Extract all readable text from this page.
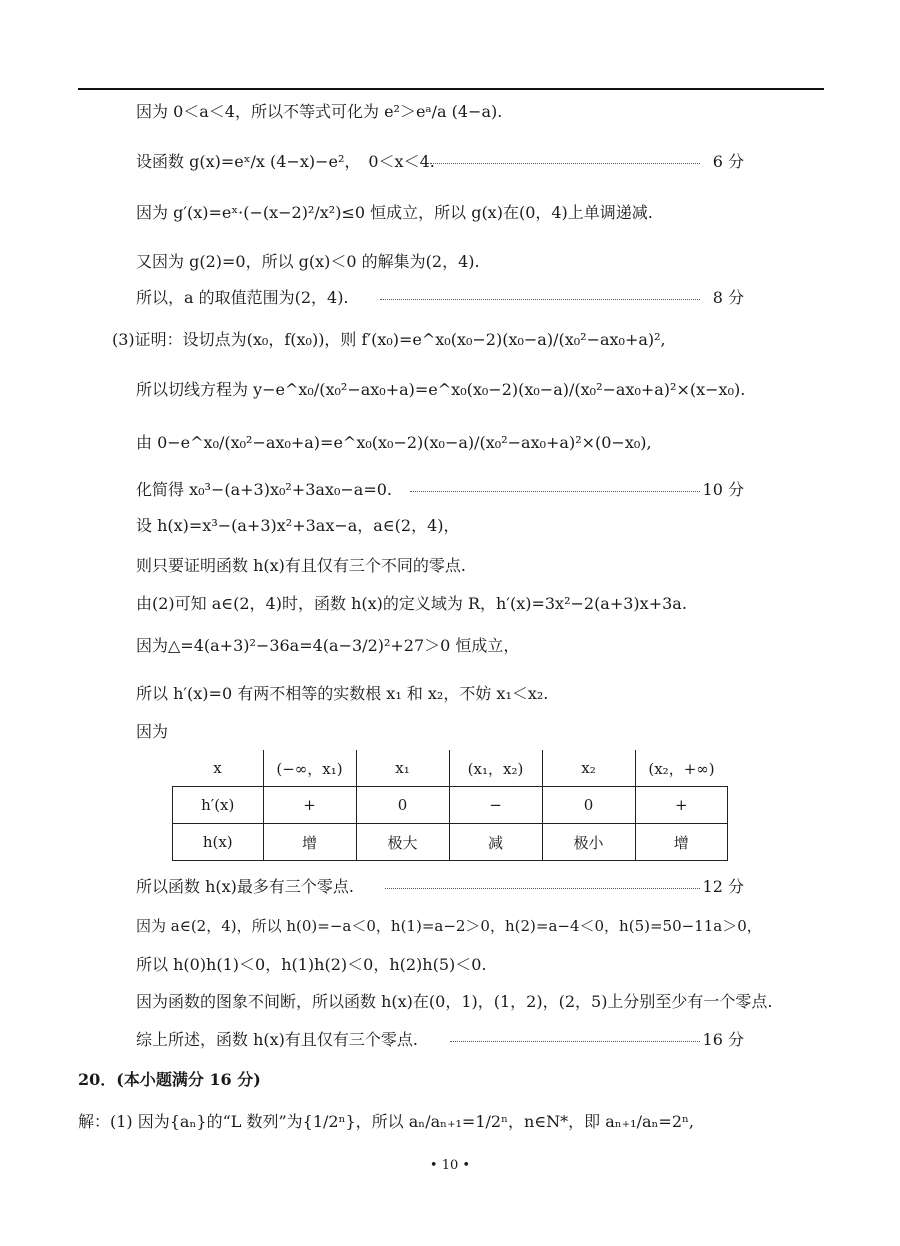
因为 0＜a＜4，所以不等式可化为 e²＞eᵃ/a (4−a).
设函数 g(x)=eˣ/x (4−x)−e²，　0＜x＜4.	6 分
因为 g′(x)=eˣ·(−(x−2)²/x²)≤0 恒成立，所以 g(x)在(0，4)上单调递减.
又因为 g(2)=0，所以 g(x)＜0 的解集为(2，4).
所以，a 的取值范围为(2，4).	8 分
(3)证明：设切点为(x₀，f(x₀))，则 f′(x₀)=e^x₀(x₀−2)(x₀−a)/(x₀²−ax₀+a)²,
所以切线方程为 y−e^x₀/(x₀²−ax₀+a)=e^x₀(x₀−2)(x₀−a)/(x₀²−ax₀+a)²×(x−x₀).
由 0−e^x₀/(x₀²−ax₀+a)=e^x₀(x₀−2)(x₀−a)/(x₀²−ax₀+a)²×(0−x₀),
化简得 x₀³−(a+3)x₀²+3ax₀−a=0.	10 分
设 h(x)=x³−(a+3)x²+3ax−a，a∈(2，4)，
则只要证明函数 h(x)有且仅有三个不同的零点.
由(2)可知 a∈(2，4)时，函数 h(x)的定义域为 R，h′(x)=3x²−2(a+3)x+3a.
因为△=4(a+3)²−36a=4(a−3/2)²+27＞0 恒成立，
所以 h′(x)=0 有两不相等的实数根 x₁ 和 x₂，不妨 x₁＜x₂.
因为
x	(−∞，x₁)	x₁	(x₁，x₂)	x₂	(x₂，+∞)
h′(x)	+	0	−	0	+
h(x)	增	极大	减	极小	增
所以函数 h(x)最多有三个零点.	12 分
因为 a∈(2，4)，所以 h(0)=−a＜0，h(1)=a−2＞0，h(2)=a−4＜0，h(5)=50−11a＞0，
所以 h(0)h(1)＜0，h(1)h(2)＜0，h(2)h(5)＜0.
因为函数的图象不间断，所以函数 h(x)在(0，1)，(1，2)，(2，5)上分别至少有一个零点.
综上所述，函数 h(x)有且仅有三个零点.	16 分
20．(本小题满分 16 分)
解：(1) 因为{aₙ}的“L 数列”为{1/2ⁿ}，所以 aₙ/aₙ₊₁=1/2ⁿ，n∈N*，即 aₙ₊₁/aₙ=2ⁿ,
• 10 •
